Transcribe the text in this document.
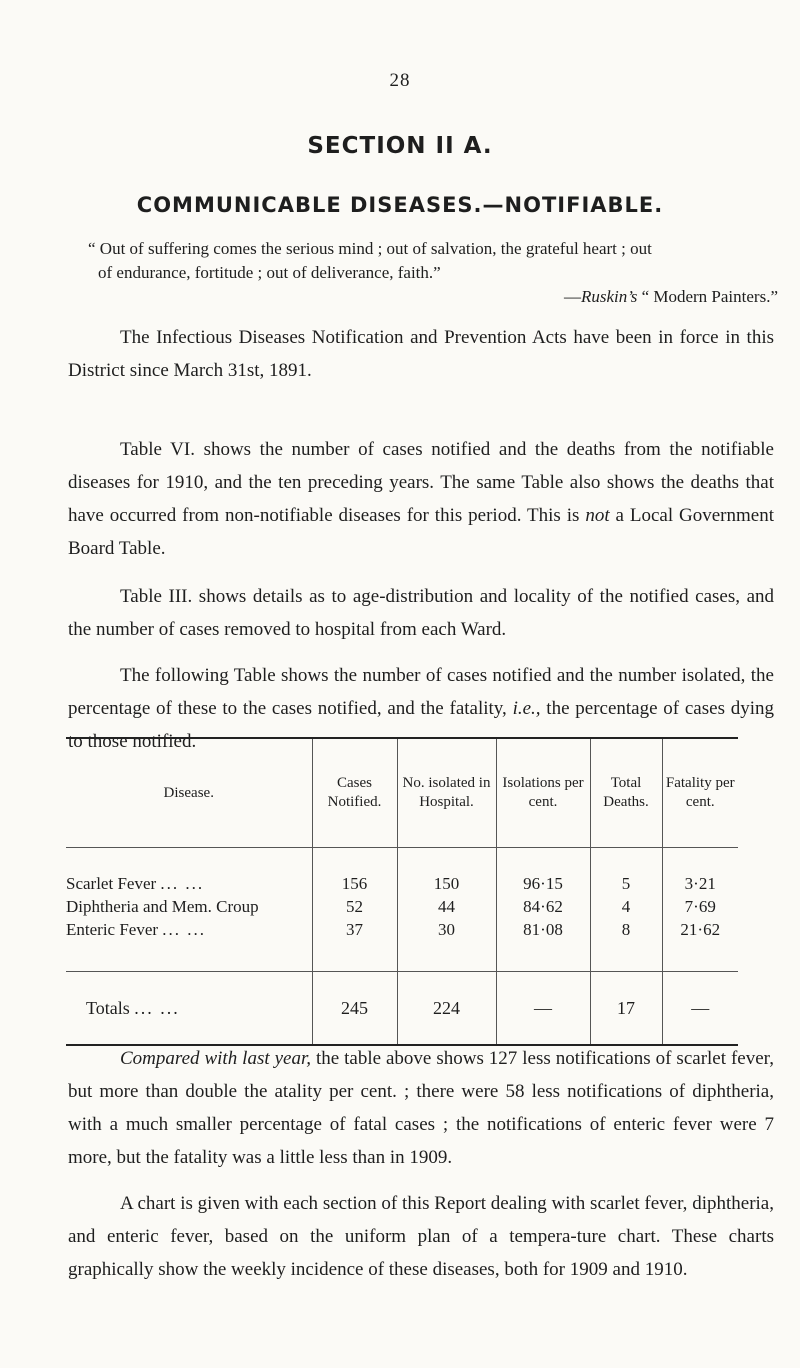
28
SECTION II A.
COMMUNICABLE DISEASES.—NOTIFIABLE.
“ Out of suffering comes the serious mind ; out of salvation, the grateful heart ; out
of endurance, fortitude ; out of deliverance, faith.”
—Ruskin’s “ Modern Painters.”

The Infectious Diseases Notification and Prevention Acts have been in force in this District since March 31st, 1891.

Table VI. shows the number of cases notified and the deaths from the notifiable diseases for 1910, and the ten preceding years. The same Table also shows the deaths that have occurred from non-notifiable diseases for this period. This is not a Local Government Board Table.

Table III. shows details as to age-distribution and locality of the notified cases, and the number of cases removed to hospital from each Ward.

The following Table shows the number of cases notified and the number isolated, the percentage of these to the cases notified, and the fatality, i.e., the percentage of cases dying to those notified.

Disease.	Cases Notified.	No. isolated in Hospital.	Isolations per cent.	Total Deaths.	Fatality per cent.
Scarlet Fever ... ...	156	150	96·15	5	3·21
Diphtheria and Mem. Croup	52	44	84·62	4	7·69
Enteric Fever ... ...	37	30	81·08	8	21·62
Totals ... ...	245	224	—	17	—

Compared with last year, the table above shows 127 less notifications of scarlet fever, but more than double the atality per cent. ; there were 58 less notifications of diphtheria, with a much smaller percentage of fatal cases ; the notifications of enteric fever were 7 more, but the fatality was a little less than in 1909.

A chart is given with each section of this Report dealing with scarlet fever, diphtheria, and enteric fever, based on the uniform plan of a tempera-ture chart. These charts graphically show the weekly incidence of these diseases, both for 1909 and 1910.
